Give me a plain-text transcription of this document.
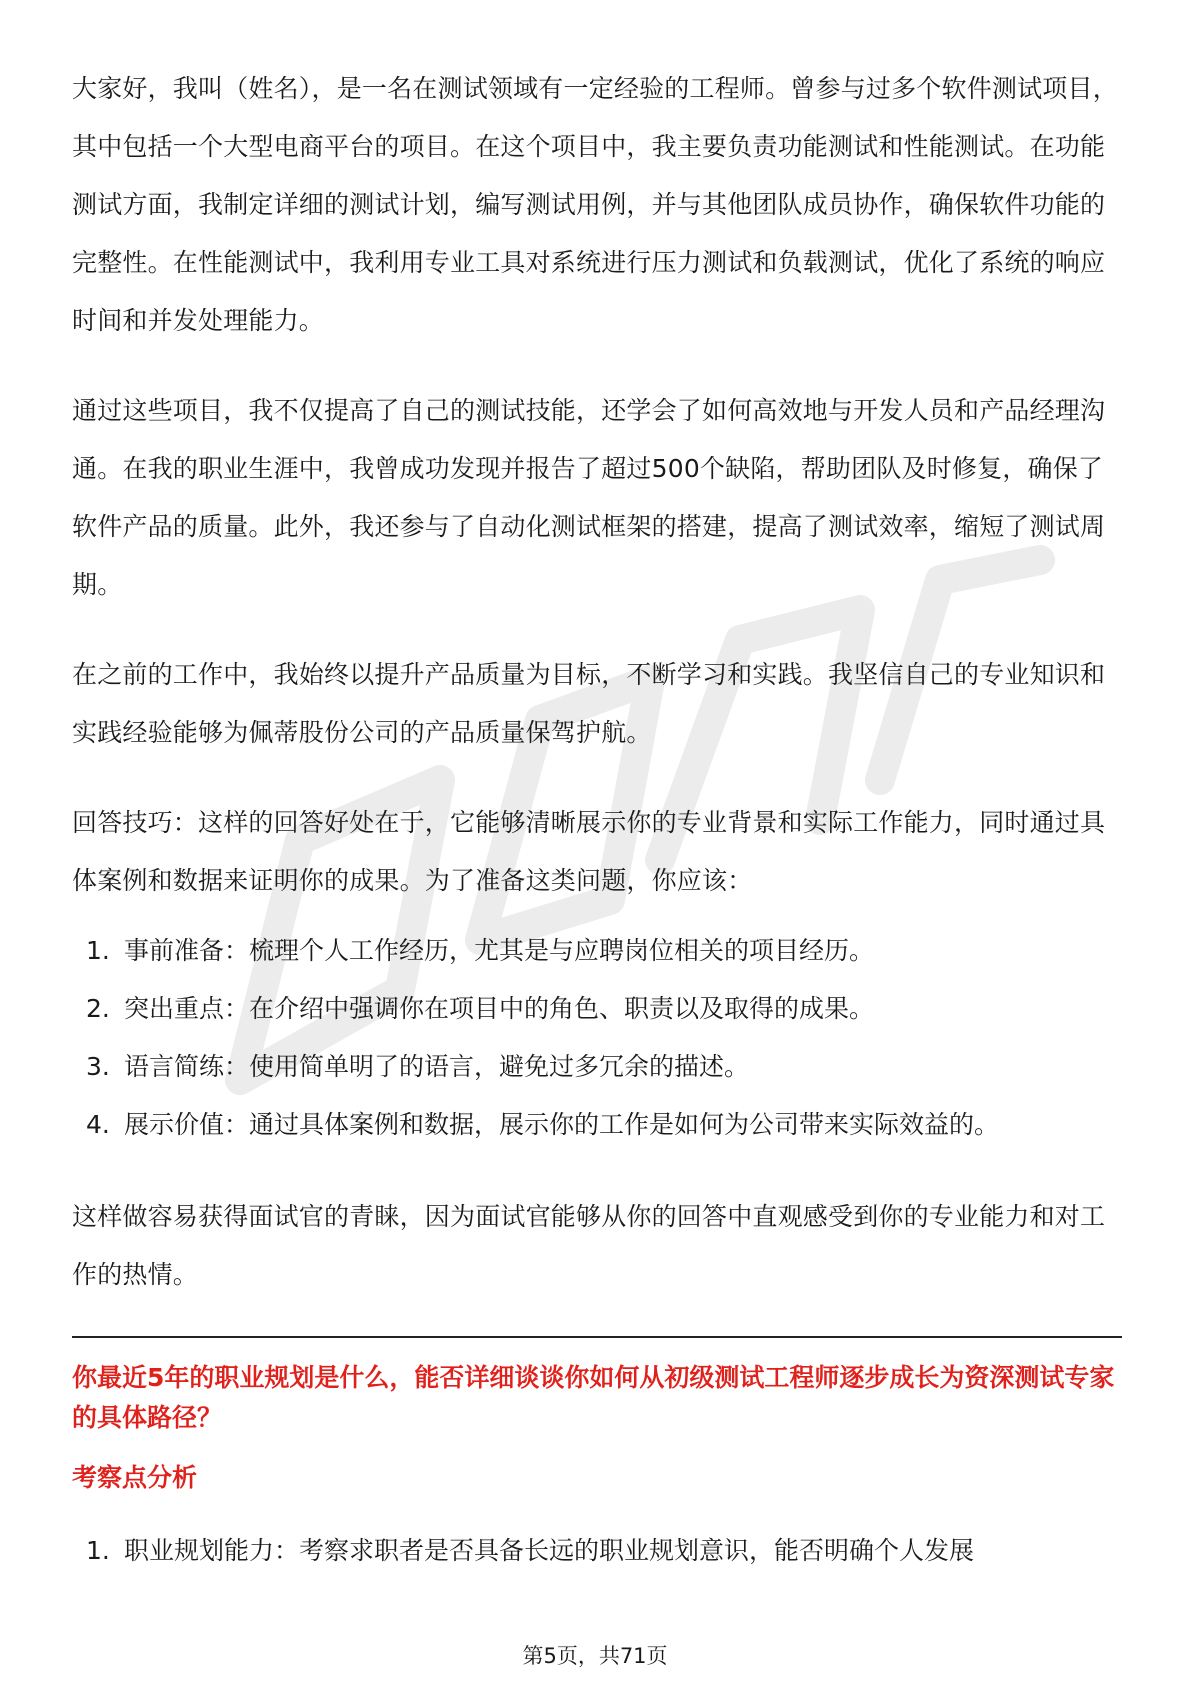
大家好，我叫（姓名），是一名在测试领域有一定经验的工程师。曾参与过多个软件测试项目，其中包括一个大型电商平台的项目。在这个项目中，我主要负责功能测试和性能测试。在功能测试方面，我制定详细的测试计划，编写测试用例，并与其他团队成员协作，确保软件功能的完整性。在性能测试中，我利用专业工具对系统进行压力测试和负载测试，优化了系统的响应时间和并发处理能力。

通过这些项目，我不仅提高了自己的测试技能，还学会了如何高效地与开发人员和产品经理沟通。在我的职业生涯中，我曾成功发现并报告了超过500个缺陷，帮助团队及时修复，确保了软件产品的质量。此外，我还参与了自动化测试框架的搭建，提高了测试效率，缩短了测试周期。

在之前的工作中，我始终以提升产品质量为目标，不断学习和实践。我坚信自己的专业知识和实践经验能够为佩蒂股份公司的产品质量保驾护航。

回答技巧：这样的回答好处在于，它能够清晰展示你的专业背景和实际工作能力，同时通过具体案例和数据来证明你的成果。为了准备这类问题，你应该：

1. 事前准备：梳理个人工作经历，尤其是与应聘岗位相关的项目经历。
2. 突出重点：在介绍中强调你在项目中的角色、职责以及取得的成果。
3. 语言简练：使用简单明了的语言，避免过多冗余的描述。
4. 展示价值：通过具体案例和数据，展示你的工作是如何为公司带来实际效益的。

这样做容易获得面试官的青睐，因为面试官能够从你的回答中直观感受到你的专业能力和对工作的热情。

你最近5年的职业规划是什么，能否详细谈谈你如何从初级测试工程师逐步成长为资深测试专家的具体路径？
考察点分析
1. 职业规划能力：考察求职者是否具备长远的职业规划意识，能否明确个人发展
第5页，共71页
